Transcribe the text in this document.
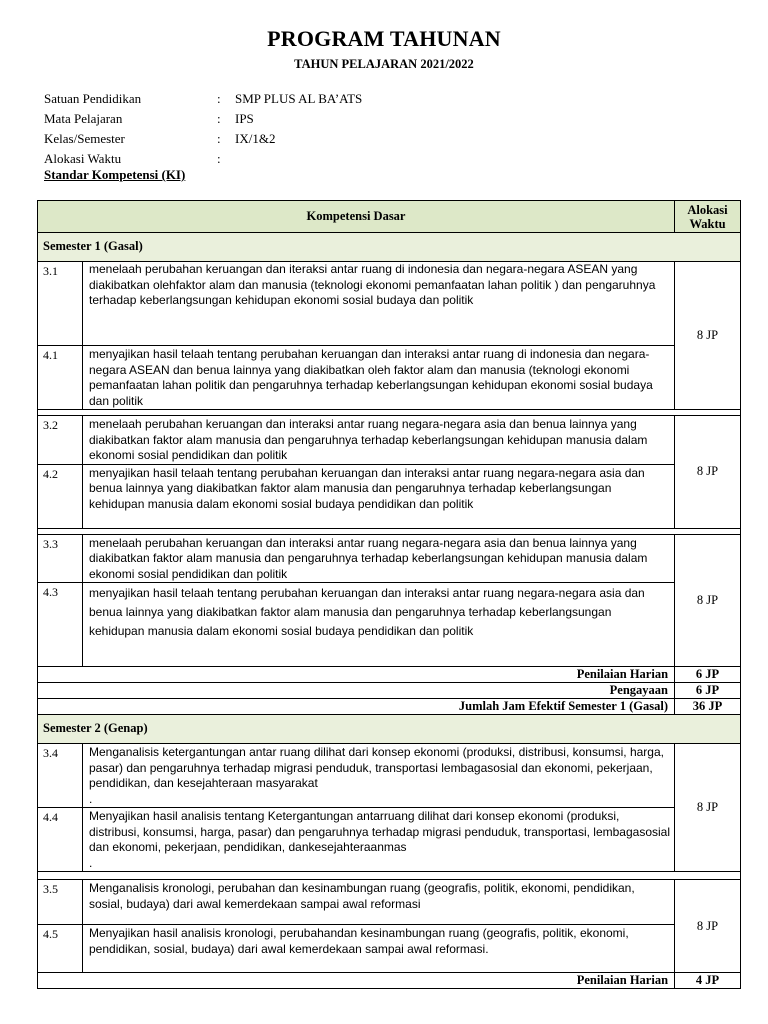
PROGRAM TAHUNAN
TAHUN PELAJARAN 2021/2022
Satuan Pendidikan	: SMP PLUS AL BA’ATS
Mata Pelajaran	: IPS
Kelas/Semester	: IX/1&2
Alokasi Waktu	:
Standar Kompetensi (KI)
Kompetensi Dasar		Alokasi Waktu
Semester 1 (Gasal)		
3.1	menelaah perubahan keruangan dan iteraksi antar ruang di indonesia dan negara-negara ASEAN yang diakibatkan olehfaktor alam dan manusia (teknologi ekonomi pemanfaatan lahan politik ) dan pengaruhnya terhadap keberlangsungan kehidupan ekonomi sosial budaya dan politik	8 JP
4.1	menyajikan hasil telaah tentang perubahan keruangan dan interaksi antar ruang di indonesia dan negara-negara ASEAN dan benua lainnya yang diakibatkan oleh faktor alam dan manusia (teknologi ekonomi pemanfaatan lahan politik dan pengaruhnya terhadap keberlangsungan kehidupan ekonomi sosial budaya dan politik	

3.2	menelaah perubahan keruangan dan interaksi antar ruang negara-negara asia dan benua lainnya yang diakibatkan faktor alam manusia dan pengaruhnya terhadap keberlangsungan kehidupan manusia dalam ekonomi sosial pendidikan dan politik	8 JP
4.2	menyajikan hasil telaah tentang perubahan keruangan dan interaksi antar ruang negara-negara asia dan benua lainnya yang diakibatkan faktor alam manusia dan pengaruhnya terhadap keberlangsungan kehidupan manusia dalam ekonomi sosial budaya pendidikan dan politik	

3.3	menelaah perubahan keruangan dan interaksi antar ruang negara-negara asia dan benua lainnya yang diakibatkan faktor alam manusia dan pengaruhnya terhadap keberlangsungan kehidupan manusia dalam ekonomi sosial pendidikan dan politik	8 JP
4.3	menyajikan hasil telaah tentang perubahan keruangan dan interaksi antar ruang negara-negara asia dan benua lainnya yang diakibatkan faktor alam manusia dan pengaruhnya terhadap keberlangsungan kehidupan manusia dalam ekonomi sosial budaya pendidikan dan politik	
Penilaian Harian		6 JP
Pengayaan		6 JP
Jumlah Jam Efektif Semester 1 (Gasal)		36 JP
Semester 2 (Genap)		
3.4	Menganalisis ketergantungan antar ruang dilihat dari konsep ekonomi (produksi, distribusi, konsumsi, harga, pasar) dan pengaruhnya terhadap migrasi penduduk, transportasi lembagasosial dan ekonomi, pekerjaan, pendidikan, dan kesejahteraan masyarakat
.	8 JP
4.4	Menyajikan hasil analisis tentang Ketergantungan antarruang dilihat dari konsep ekonomi (produksi, distribusi, konsumsi, harga, pasar) dan pengaruhnya terhadap migrasi penduduk, transportasi, lembagasosial dan ekonomi, pekerjaan, pendidikan, dankesejahteraanmas
.	

3.5	Menganalisis kronologi, perubahan dan kesinambungan ruang (geografis, politik, ekonomi, pendidikan, sosial, budaya) dari awal kemerdekaan sampai awal reformasi	8 JP
4.5	Menyajikan hasil analisis kronologi, perubahandan kesinambungan ruang (geografis, politik, ekonomi, pendidikan, sosial, budaya) dari awal kemerdekaan sampai awal reformasi.	
Penilaian Harian		4 JP
